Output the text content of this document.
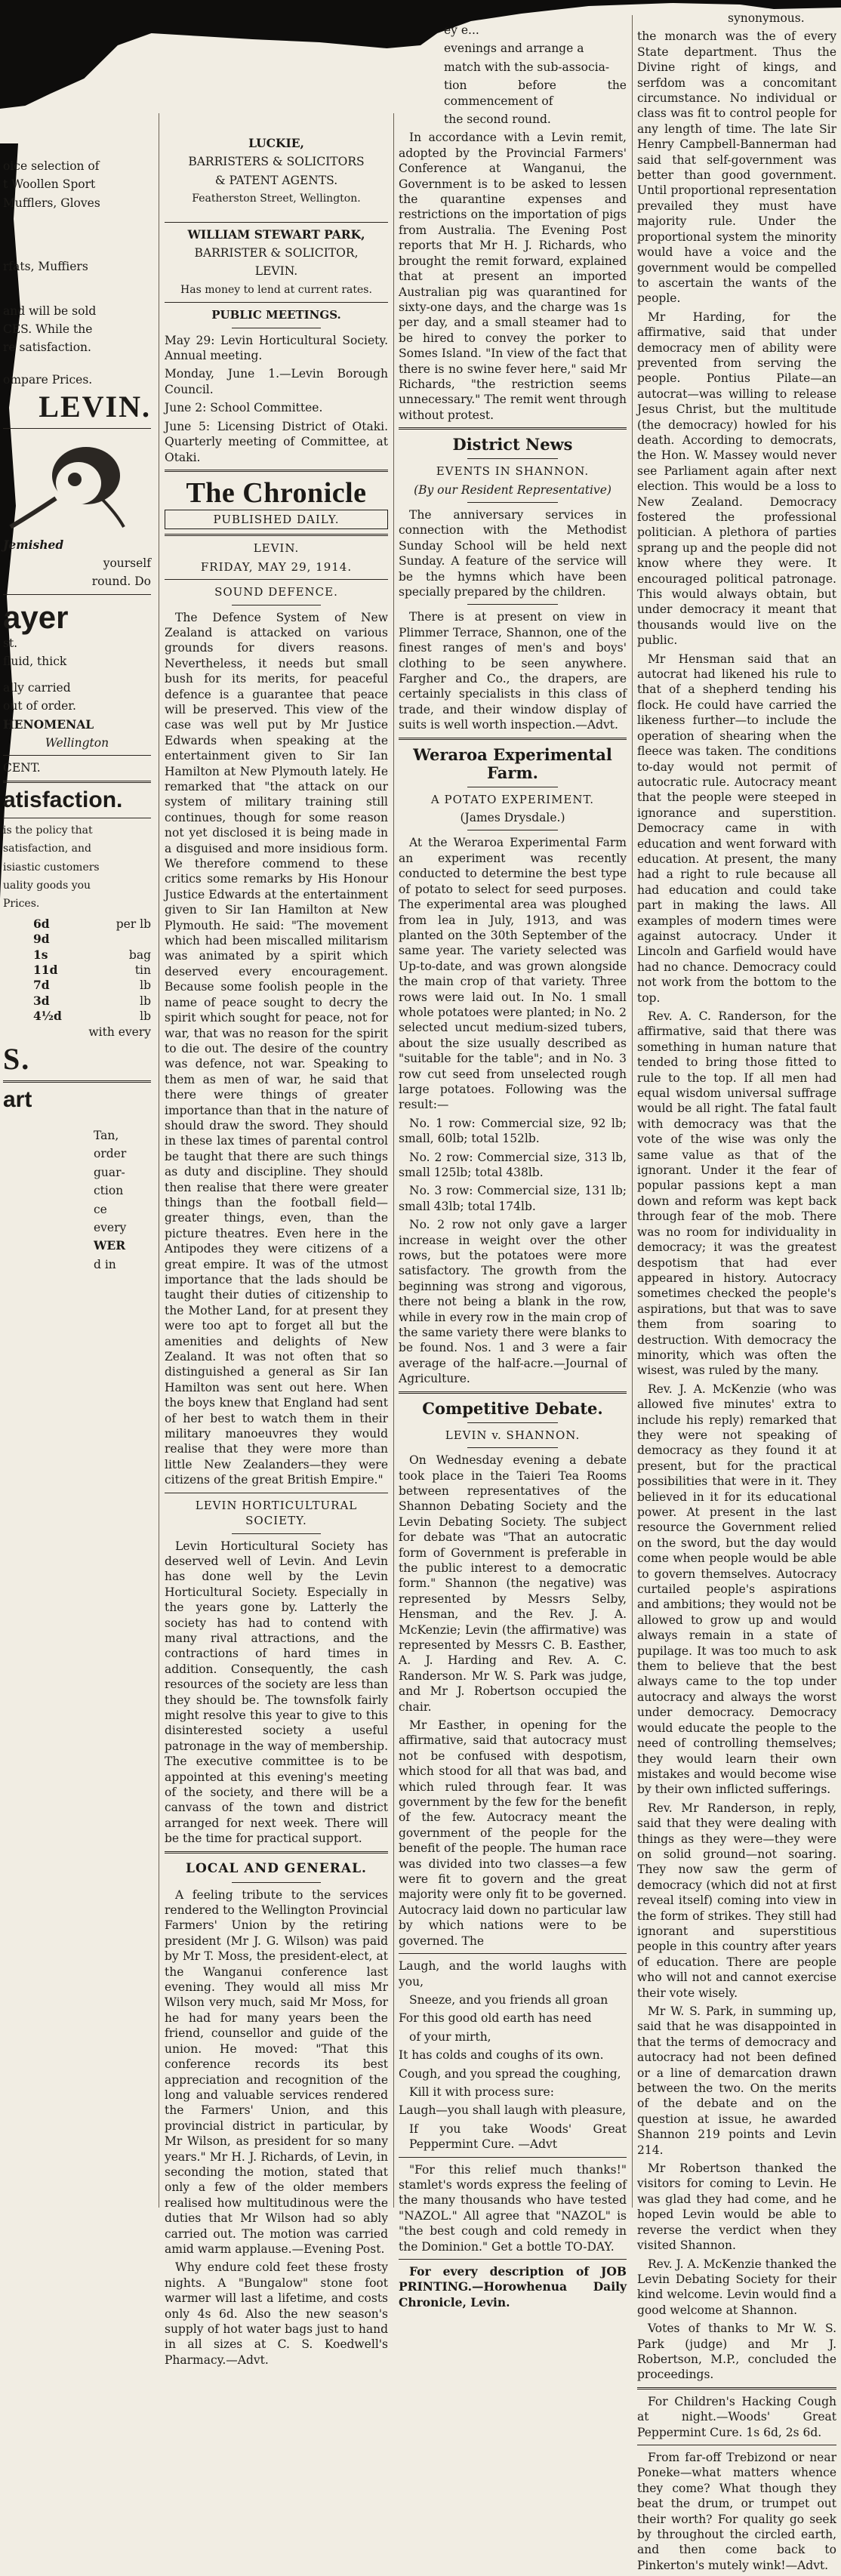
oice selection of

t Woollen Sport

Mufflers, Gloves

rfats, Muffiers

and will be sold

CES. While the

re satisfaction.

ompare Prices.

LEVIN.

Jemished

yourself

round. Do

ayer

st.

fluid, thick

ally carried

out of order.

HENOMENAL

Wellington

CENT.

atisfaction.

is the policy that

satisfaction, and

isiastic customers

uality goods you

Prices.

6d	per lb
9d
1s	bag
11d	tin
7d	lb
3d	lb
4½d	lb

with every

S.
art

Tan,

order

guar-

ction

ce

every

WER

d in

LUCKIE,

BARRISTERS & SOLICITORS

& PATENT AGENTS.

Featherston Street, Wellington.

WILLIAM STEWART PARK,

BARRISTER & SOLICITOR,

LEVIN.

Has money to lend at current rates.

PUBLIC MEETINGS.

May 29: Levin Horticultural Society. Annual meeting.

Monday, June 1.—Levin Borough Council.

June 2: School Committee.

June 5: Licensing District of Otaki. Quarterly meeting of Committee, at Otaki.

The Chronicle
PUBLISHED DAILY.

LEVIN.

FRIDAY, MAY 29, 1914.

SOUND DEFENCE.

The Defence System of New Zealand is attacked on various grounds for divers reasons. Nevertheless, it needs but small bush for its merits, for peaceful defence is a guarantee that peace will be preserved. This view of the case was well put by Mr Justice Edwards when speaking at the entertainment given to Sir Ian Hamilton at New Plymouth lately. He remarked that "the attack on our system of military training still continues, though for some reason not yet disclosed it is being made in a disguised and more insidious form. We therefore commend to these critics some remarks by His Honour Justice Edwards at the entertainment given to Sir Ian Hamilton at New Plymouth. He said: "The movement which had been miscalled militarism was animated by a spirit which deserved every encouragement. Because some foolish people in the name of peace sought to decry the spirit which sought for peace, not for war, that was no reason for the spirit to die out. The desire of the country was defence, not war. Speaking to them as men of war, he said that there were things of greater importance than that in the nature of should draw the sword. They should in these lax times of parental control be taught that there are such things as duty and discipline. They should then realise that there were greater things than the football field—greater things, even, than the picture theatres. Even here in the Antipodes they were citizens of a great empire. It was of the utmost importance that the lads should be taught their duties of citizenship to the Mother Land, for at present they were too apt to forget all but the amenities and delights of New Zealand. It was not often that so distinguished a general as Sir Ian Hamilton was sent out here. When the boys knew that England had sent of her best to watch them in their military manoeuvres they would realise that they were more than little New Zealanders—they were citizens of the great British Empire."

LEVIN HORTICULTURAL SOCIETY.

Levin Horticultural Society has deserved well of Levin. And Levin has done well by the Levin Horticultural Society. Especially in the years gone by. Latterly the society has had to contend with many rival attractions, and the contractions of hard times in addition. Consequently, the cash resources of the society are less than they should be. The townsfolk fairly might resolve this year to give to this disinterested society a useful patronage in the way of membership. The executive committee is to be appointed at this evening's meeting of the society, and there will be a canvass of the town and district arranged for next week. There will be the time for practical support.

LOCAL AND GENERAL.

A feeling tribute to the services rendered to the Wellington Provincial Farmers' Union by the retiring president (Mr J. G. Wilson) was paid by Mr T. Moss, the president-elect, at the Wanganui conference last evening. They would all miss Mr Wilson very much, said Mr Moss, for he had for many years been the friend, counsellor and guide of the union. He moved: "That this conference records its best appreciation and recognition of the long and valuable services rendered the Farmers' Union, and this provincial district in particular, by Mr Wilson, as president for so many years." Mr H. J. Richards, of Levin, in seconding the motion, stated that only a few of the older members realised how multitudinous were the duties that Mr Wilson had so ably carried out. The motion was carried amid warm applause.—Evening Post.

Why endure cold feet these frosty nights. A "Bungalow" stone foot warmer will last a lifetime, and costs only 4s 6d. Also the new season's supply of hot water bags just to hand in all sizes at C. S. Koedwell's Pharmacy.—Advt.

ey e...

evenings and arrange a

match with the sub-associa-

tion before the commencement of

the second round.

In accordance with a Levin remit, adopted by the Provincial Farmers' Conference at Wanganui, the Government is to be asked to lessen the quarantine expenses and restrictions on the importation of pigs from Australia. The Evening Post reports that Mr H. J. Richards, who brought the remit forward, explained that at present an imported Australian pig was quarantined for sixty-one days, and the charge was 1s per day, and a small steamer had to be hired to convey the porker to Somes Island. "In view of the fact that there is no swine fever here," said Mr Richards, "the restriction seems unnecessary." The remit went through without protest.

District News

EVENTS IN SHANNON.

(By our Resident Representative)

The anniversary services in connection with the Methodist Sunday School will be held next Sunday. A feature of the service will be the hymns which have been specially prepared by the children.

There is at present on view in Plimmer Terrace, Shannon, one of the finest ranges of men's and boys' clothing to be seen anywhere. Fargher and Co., the drapers, are certainly specialists in this class of trade, and their window display of suits is well worth inspection.—Advt.

Weraroa Experimental Farm.

A POTATO EXPERIMENT.

(James Drysdale.)

At the Weraroa Experimental Farm an experiment was recently conducted to determine the best type of potato to select for seed purposes. The experimental area was ploughed from lea in July, 1913, and was planted on the 30th September of the same year. The variety selected was Up-to-date, and was grown alongside the main crop of that variety. Three rows were laid out. In No. 1 small whole potatoes were planted; in No. 2 selected uncut medium-sized tubers, about the size usually described as "suitable for the table"; and in No. 3 row cut seed from unselected rough large potatoes. Following was the result:—

No. 1 row: Commercial size, 92 lb; small, 60lb; total 152lb.

No. 2 row: Commercial size, 313 lb, small 125lb; total 438lb.

No. 3 row: Commercial size, 131 lb; small 43lb; total 174lb.

No. 2 row not only gave a larger increase in weight over the other rows, but the potatoes were more satisfactory. The growth from the beginning was strong and vigorous, there not being a blank in the row, while in every row in the main crop of the same variety there were blanks to be found. Nos. 1 and 3 were a fair average of the half-acre.—Journal of Agriculture.

Competitive Debate.

LEVIN v. SHANNON.

On Wednesday evening a debate took place in the Taieri Tea Rooms between representatives of the Shannon Debating Society and the Levin Debating Society. The subject for debate was "That an autocratic form of Government is preferable in the public interest to a democratic form." Shannon (the negative) was represented by Messrs Selby, Hensman, and the Rev. J. A. McKenzie; Levin (the affirmative) was represented by Messrs C. B. Easther, A. J. Harding and Rev. A. C. Randerson. Mr W. S. Park was judge, and Mr J. Robertson occupied the chair.

Mr Easther, in opening for the affirmative, said that autocracy must not be confused with despotism, which stood for all that was bad, and which ruled through fear. It was government by the few for the benefit of the few. Autocracy meant the government of the people for the benefit of the people. The human race was divided into two classes—a few were fit to govern and the great majority were only fit to be governed. Autocracy laid down no particular law by which nations were to be governed. The

Laugh, and the world laughs with you,

Sneeze, and you friends all groan

For this good old earth has need

of your mirth,

It has colds and coughs of its own.

Cough, and you spread the coughing,

Kill it with process sure:

Laugh—you shall laugh with pleasure,

If you take Woods' Great Peppermint Cure. —Advt

"For this relief much thanks!" stamlet's words express the feeling of the many thousands who have tested "NAZOL." All agree that "NAZOL" is "the best cough and cold remedy in the Dominion." Get a bottle TO-DAY.

For every description of JOB PRINTING.—Horowhenua Daily Chronicle, Levin.

synonymous.

the monarch was the of every State department. Thus the Divine right of kings, and serfdom was a concomitant circumstance. No individual or class was fit to control people for any length of time. The late Sir Henry Campbell-Bannerman had said that self-government was better than good government. Until proportional representation prevailed they must have majority rule. Under the proportional system the minority would have a voice and the government would be compelled to ascertain the wants of the people.

Mr Harding, for the affirmative, said that under democracy men of ability were prevented from serving the people. Pontius Pilate—an autocrat—was willing to release Jesus Christ, but the multitude (the democracy) howled for his death. According to democrats, the Hon. W. Massey would never see Parliament again after next election. This would be a loss to New Zealand. Democracy fostered the professional politician. A plethora of parties sprang up and the people did not know where they were. It encouraged political patronage. This would always obtain, but under democracy it meant that thousands would live on the public.

Mr Hensman said that an autocrat had likened his rule to that of a shepherd tending his flock. He could have carried the likeness further—to include the operation of shearing when the fleece was taken. The conditions to-day would not permit of autocratic rule. Autocracy meant that the people were steeped in ignorance and superstition. Democracy came in with education and went forward with education. At present, the many had a right to rule because all had education and could take part in making the laws. All examples of modern times were against autocracy. Under it Lincoln and Garfield would have had no chance. Democracy could not work from the bottom to the top.

Rev. A. C. Randerson, for the affirmative, said that there was something in human nature that tended to bring those fitted to rule to the top. If all men had equal wisdom universal suffrage would be all right. The fatal fault with democracy was that the vote of the wise was only the same value as that of the ignorant. Under it the fear of popular passions kept a man down and reform was kept back through fear of the mob. There was no room for individuality in democracy; it was the greatest despotism that had ever appeared in history. Autocracy sometimes checked the people's aspirations, but that was to save them from soaring to destruction. With democracy the minority, which was often the wisest, was ruled by the many.

Rev. J. A. McKenzie (who was allowed five minutes' extra to include his reply) remarked that they were not speaking of democracy as they found it at present, but for the practical possibilities that were in it. They believed in it for its educational power. At present in the last resource the Government relied on the sword, but the day would come when people would be able to govern themselves. Autocracy curtailed people's aspirations and ambitions; they would not be allowed to grow up and would always remain in a state of pupilage. It was too much to ask them to believe that the best always came to the top under autocracy and always the worst under democracy. Democracy would educate the people to the need of controlling themselves; they would learn their own mistakes and would become wise by their own inflicted sufferings.

Rev. Mr Randerson, in reply, said that they were dealing with things as they were—they were on solid ground—not soaring. They now saw the germ of democracy (which did not at first reveal itself) coming into view in the form of strikes. They still had ignorant and superstitious people in this country after years of education. There are people who will not and cannot exercise their vote wisely.

Mr W. S. Park, in summing up, said that he was disappointed in that the terms of democracy and autocracy had not been defined or a line of demarcation drawn between the two. On the merits of the debate and on the question at issue, he awarded Shannon 219 points and Levin 214.

Mr Robertson thanked the visitors for coming to Levin. He was glad they had come, and he hoped Levin would be able to reverse the verdict when they visited Shannon.

Rev. J. A. McKenzie thanked the Levin Debating Society for their kind welcome. Levin would find a good welcome at Shannon.

Votes of thanks to Mr W. S. Park (judge) and Mr J. Robertson, M.P., concluded the proceedings.

For Children's Hacking Cough at night.—Woods' Great Peppermint Cure. 1s 6d, 2s 6d.

From far-off Trebizond or near Poneke—what matters whence they come? What though they beat the drum, or trumpet out their worth? For quality go seek by throughout the circled earth, and then come back to Pinkerton's mutely wink!—Advt.
